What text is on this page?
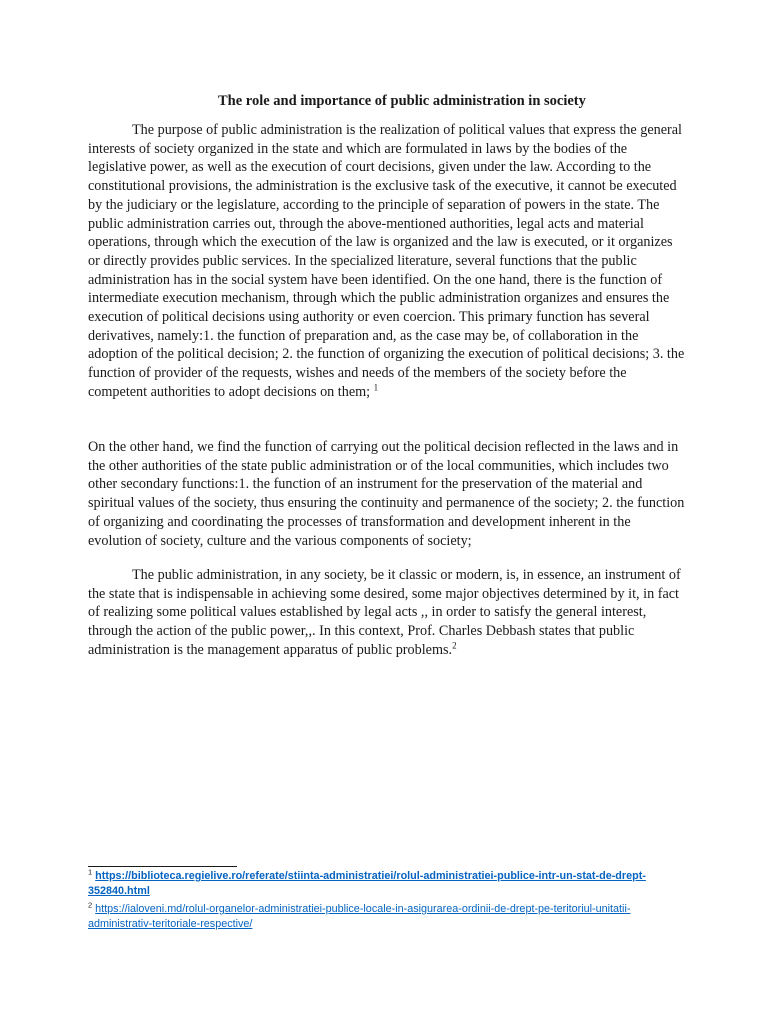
The role and importance of public administration in society

The purpose of public administration is the realization of political values that express the general interests of society organized in the state and which are formulated in laws by the bodies of the legislative power, as well as the execution of court decisions, given under the law. According to the constitutional provisions, the administration is the exclusive task of the executive, it cannot be executed by the judiciary or the legislature, according to the principle of separation of powers in the state. The public administration carries out, through the above-mentioned authorities, legal acts and material operations, through which the execution of the law is organized and the law is executed, or it organizes or directly provides public services. In the specialized literature, several functions that the public administration has in the social system have been identified. On the one hand, there is the function of intermediate execution mechanism, through which the public administration organizes and ensures the execution of political decisions using authority or even coercion. This primary function has several derivatives, namely:1. the function of preparation and, as the case may be, of collaboration in the adoption of the political decision; 2. the function of organizing the execution of political decisions; 3. the function of provider of the requests, wishes and needs of the members of the society before the competent authorities to adopt decisions on them; $^1$

On the other hand, we find the function of carrying out the political decision reflected in the laws and in the other authorities of the state public administration or of the local communities, which includes two other secondary functions:1. the function of an instrument for the preservation of the material and spiritual values of the society, thus ensuring the continuity and permanence of the society; 2. the function of organizing and coordinating the processes of transformation and development inherent in the evolution of society, culture and the various components of society;

The public administration, in any society, be it classic or modern, is, in essence, an instrument of the state that is indispensable in achieving some desired, some major objectives determined by it, in fact of realizing some political values established by legal acts ,, in order to satisfy the general interest, through the action of the public power,,. In this context, Prof. Charles Debbash states that public administration is the management apparatus of public problems.$^2$

$^1$ https://biblioteca.regielive.ro/referate/stiinta-administratiei/rolul-administratiei-publice-intr-un-stat-de-drept-352840.html

$^2$ https://ialoveni.md/rolul-organelor-administratiei-publice-locale-in-asigurarea-ordinii-de-drept-pe-teritoriul-unitatii-administrativ-teritoriale-respective/
